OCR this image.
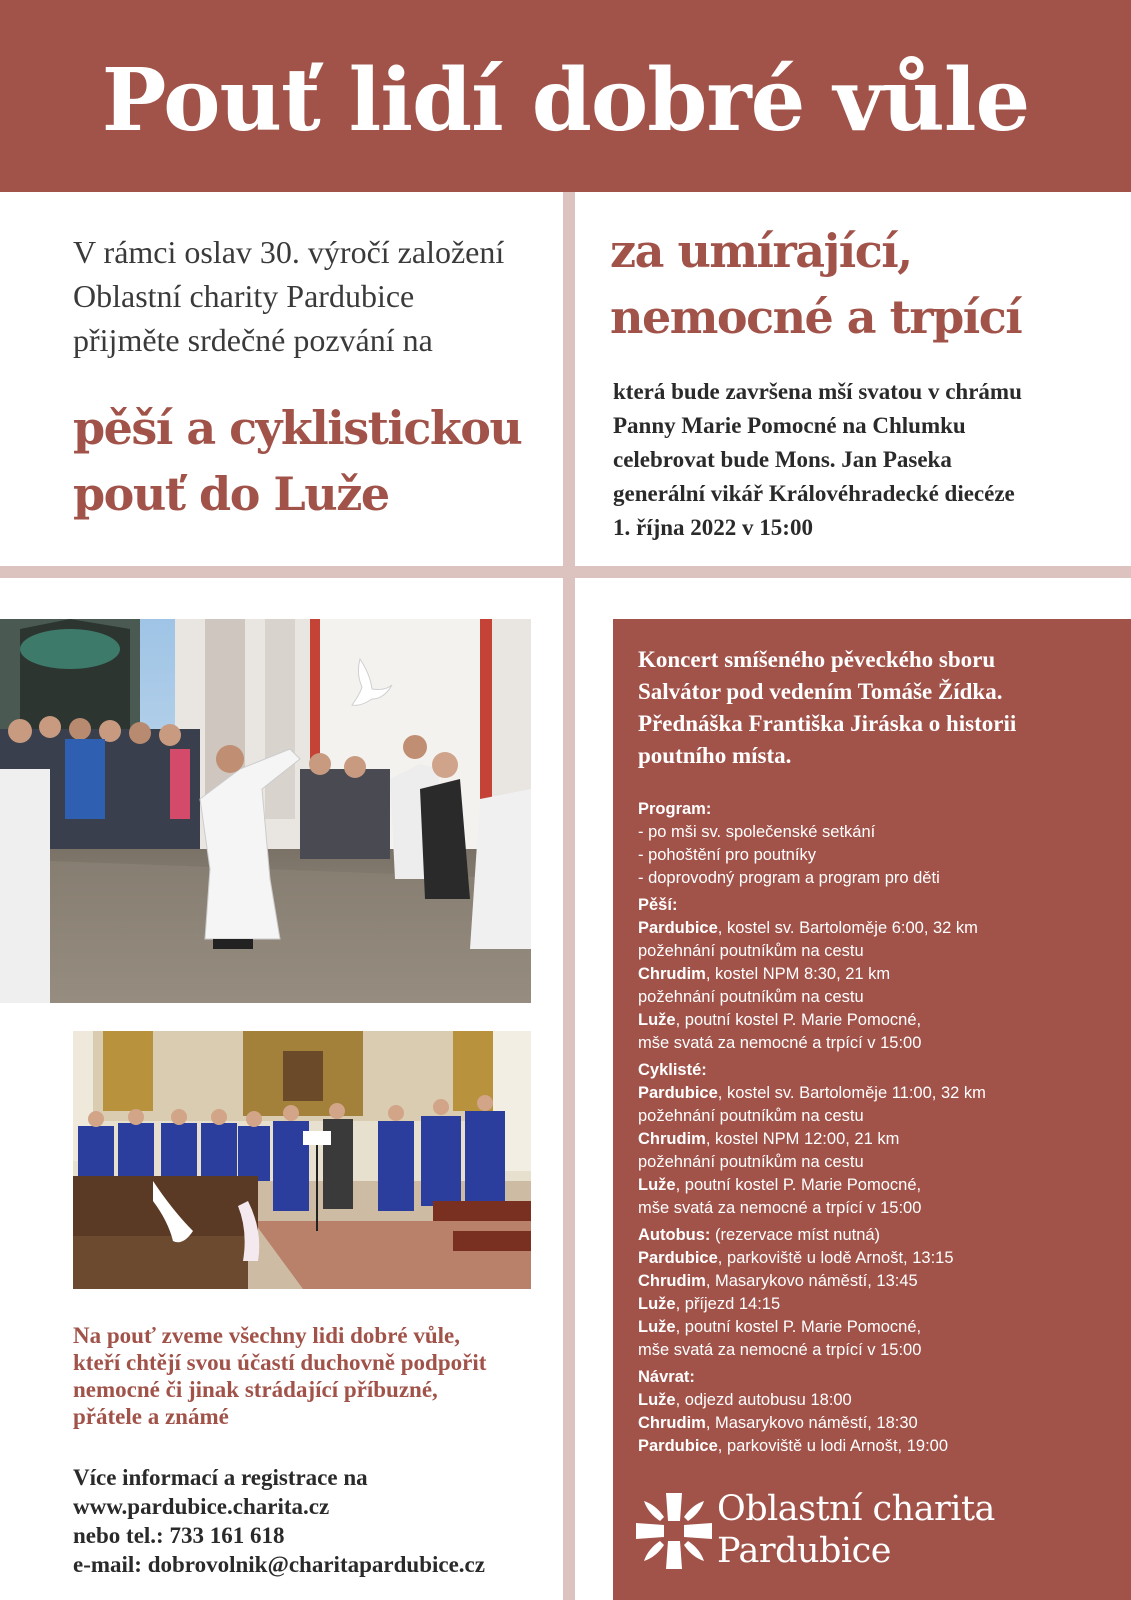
Pouť lidí dobré vůle
V rámci oslav 30. výročí založení
Oblastní charity Pardubice
přijměte srdečné pozvání na
pěší a cyklistickou
pouť do Luže
za umírající,
nemocné a trpící
která bude završena mší svatou v chrámu
Panny Marie Pomocné na Chlumku
celebrovat bude Mons. Jan Paseka
generální vikář Královéhradecké diecéze
1. října 2022 v 15:00
Na pouť zveme všechny lidi dobré vůle,
kteří chtějí svou účastí duchovně podpořit
nemocné či jinak strádající příbuzné,
přátele a známé
Více informací a registrace na
www.pardubice.charita.cz
nebo tel.: 733 161 618
e-mail: dobrovolnik@charitapardubice.cz
Koncert smíšeného pěveckého sboru
Salvátor pod vedením Tomáše Žídka.
Přednáška Františka Jiráska o historii
poutního místa.
Program:
- po mši sv. společenské setkání
- pohoštění pro poutníky
- doprovodný program a program pro děti
Pěší:
Pardubice, kostel sv. Bartoloměje 6:00, 32 km
požehnání poutníkům na cestu
Chrudim, kostel NPM 8:30, 21 km
požehnání poutníkům na cestu
Luže, poutní kostel P. Marie Pomocné,
mše svatá za nemocné a trpící v 15:00
Cyklisté:
Pardubice, kostel sv. Bartoloměje 11:00, 32 km
požehnání poutníkům na cestu
Chrudim, kostel NPM 12:00, 21 km
požehnání poutníkům na cestu
Luže, poutní kostel P. Marie Pomocné,
mše svatá za nemocné a trpící v 15:00
Autobus: (rezervace míst nutná)
Pardubice, parkoviště u lodě Arnošt, 13:15
Chrudim, Masarykovo náměstí, 13:45
Luže, příjezd 14:15
Luže, poutní kostel P. Marie Pomocné,
mše svatá za nemocné a trpící v 15:00
Návrat:
Luže, odjezd autobusu 18:00
Chrudim, Masarykovo náměstí, 18:30
Pardubice, parkoviště u lodi Arnošt, 19:00
Oblastní charita
Pardubice
